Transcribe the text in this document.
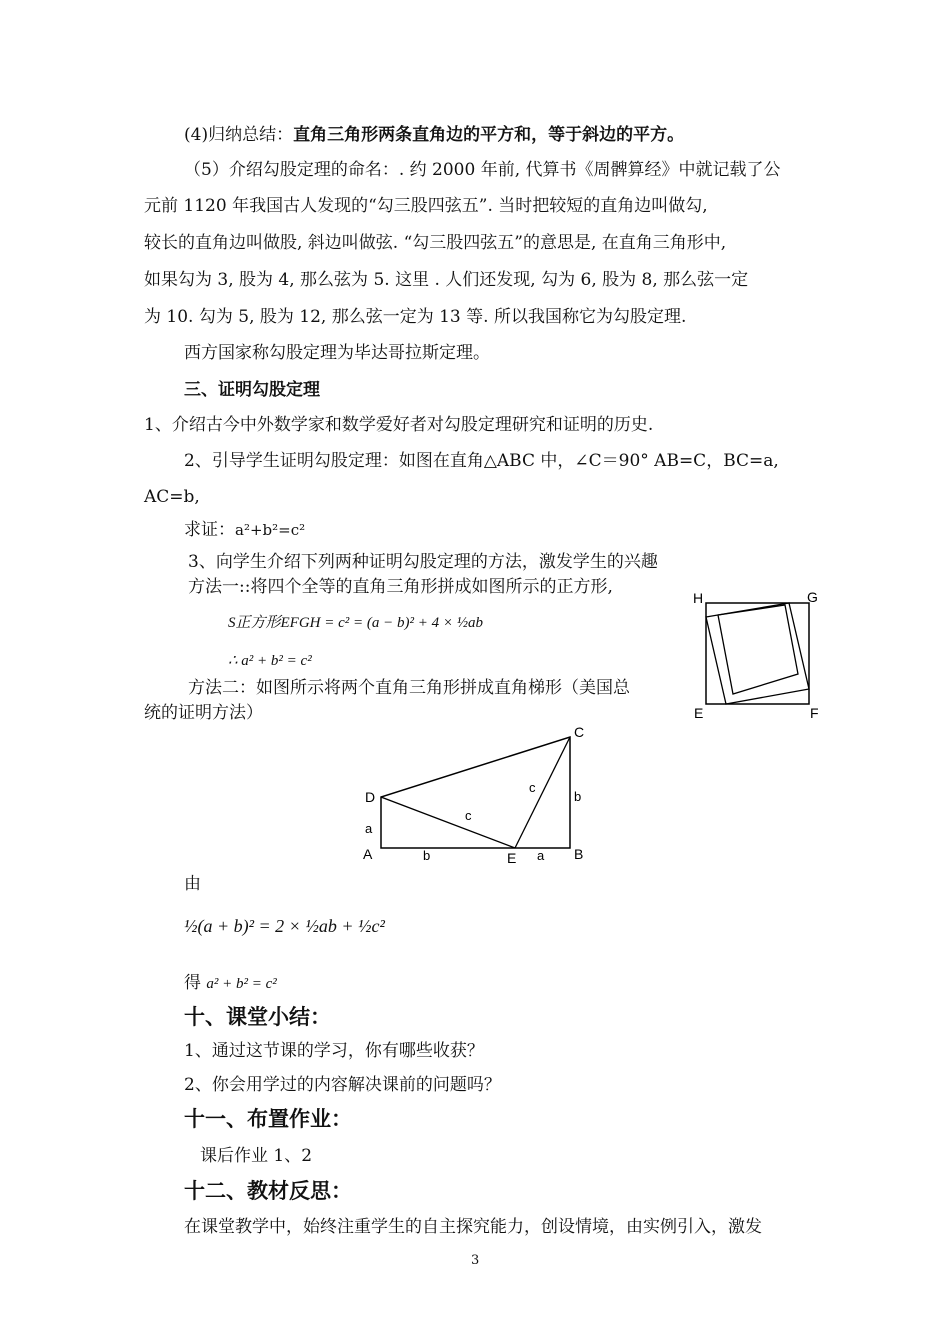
(4)归纳总结：直角三角形两条直角边的平方和，等于斜边的平方。
（5）介绍勾股定理的命名：. 约 2000 年前, 代算书《周髀算经》中就记载了公
元前 1120 年我国古人发现的“勾三股四弦五”. 当时把较短的直角边叫做勾,
较长的直角边叫做股, 斜边叫做弦. “勾三股四弦五”的意思是, 在直角三角形中,
如果勾为 3, 股为 4, 那么弦为 5. 这里 . 人们还发现, 勾为 6, 股为 8, 那么弦一定
为 10. 勾为 5, 股为 12, 那么弦一定为 13 等. 所以我国称它为勾股定理.
西方国家称勾股定理为毕达哥拉斯定理。
三、证明勾股定理
1、介绍古今中外数学家和数学爱好者对勾股定理研究和证明的历史.
2、引导学生证明勾股定理：如图在直角△ABC 中，∠C＝90° AB=C，BC=a,
AC=b,
求证：a²+b²=c²
3、向学生介绍下列两种证明勾股定理的方法，激发学生的兴趣
方法一::将四个全等的直角三角形拼成如图所示的正方形,
S正方形EFGH = c² = (a − b)² + 4 × ½ab
∴ a² + b² = c²
H	G
E	F
方法二：如图所示将两个直角三角形拼成直角梯形（美国总
统的证明方法）
C
D
A	E	B
a
b
a
b
c
c
由
½(a + b)² = 2 × ½ab + ½c²
得 a² + b² = c²
十、课堂小结：
1、通过这节课的学习，你有哪些收获？
2、你会用学过的内容解决课前的问题吗？
十一、布置作业：
课后作业 1、2
十二、教材反思：
在课堂教学中，始终注重学生的自主探究能力，创设情境，由实例引入，激发
3
